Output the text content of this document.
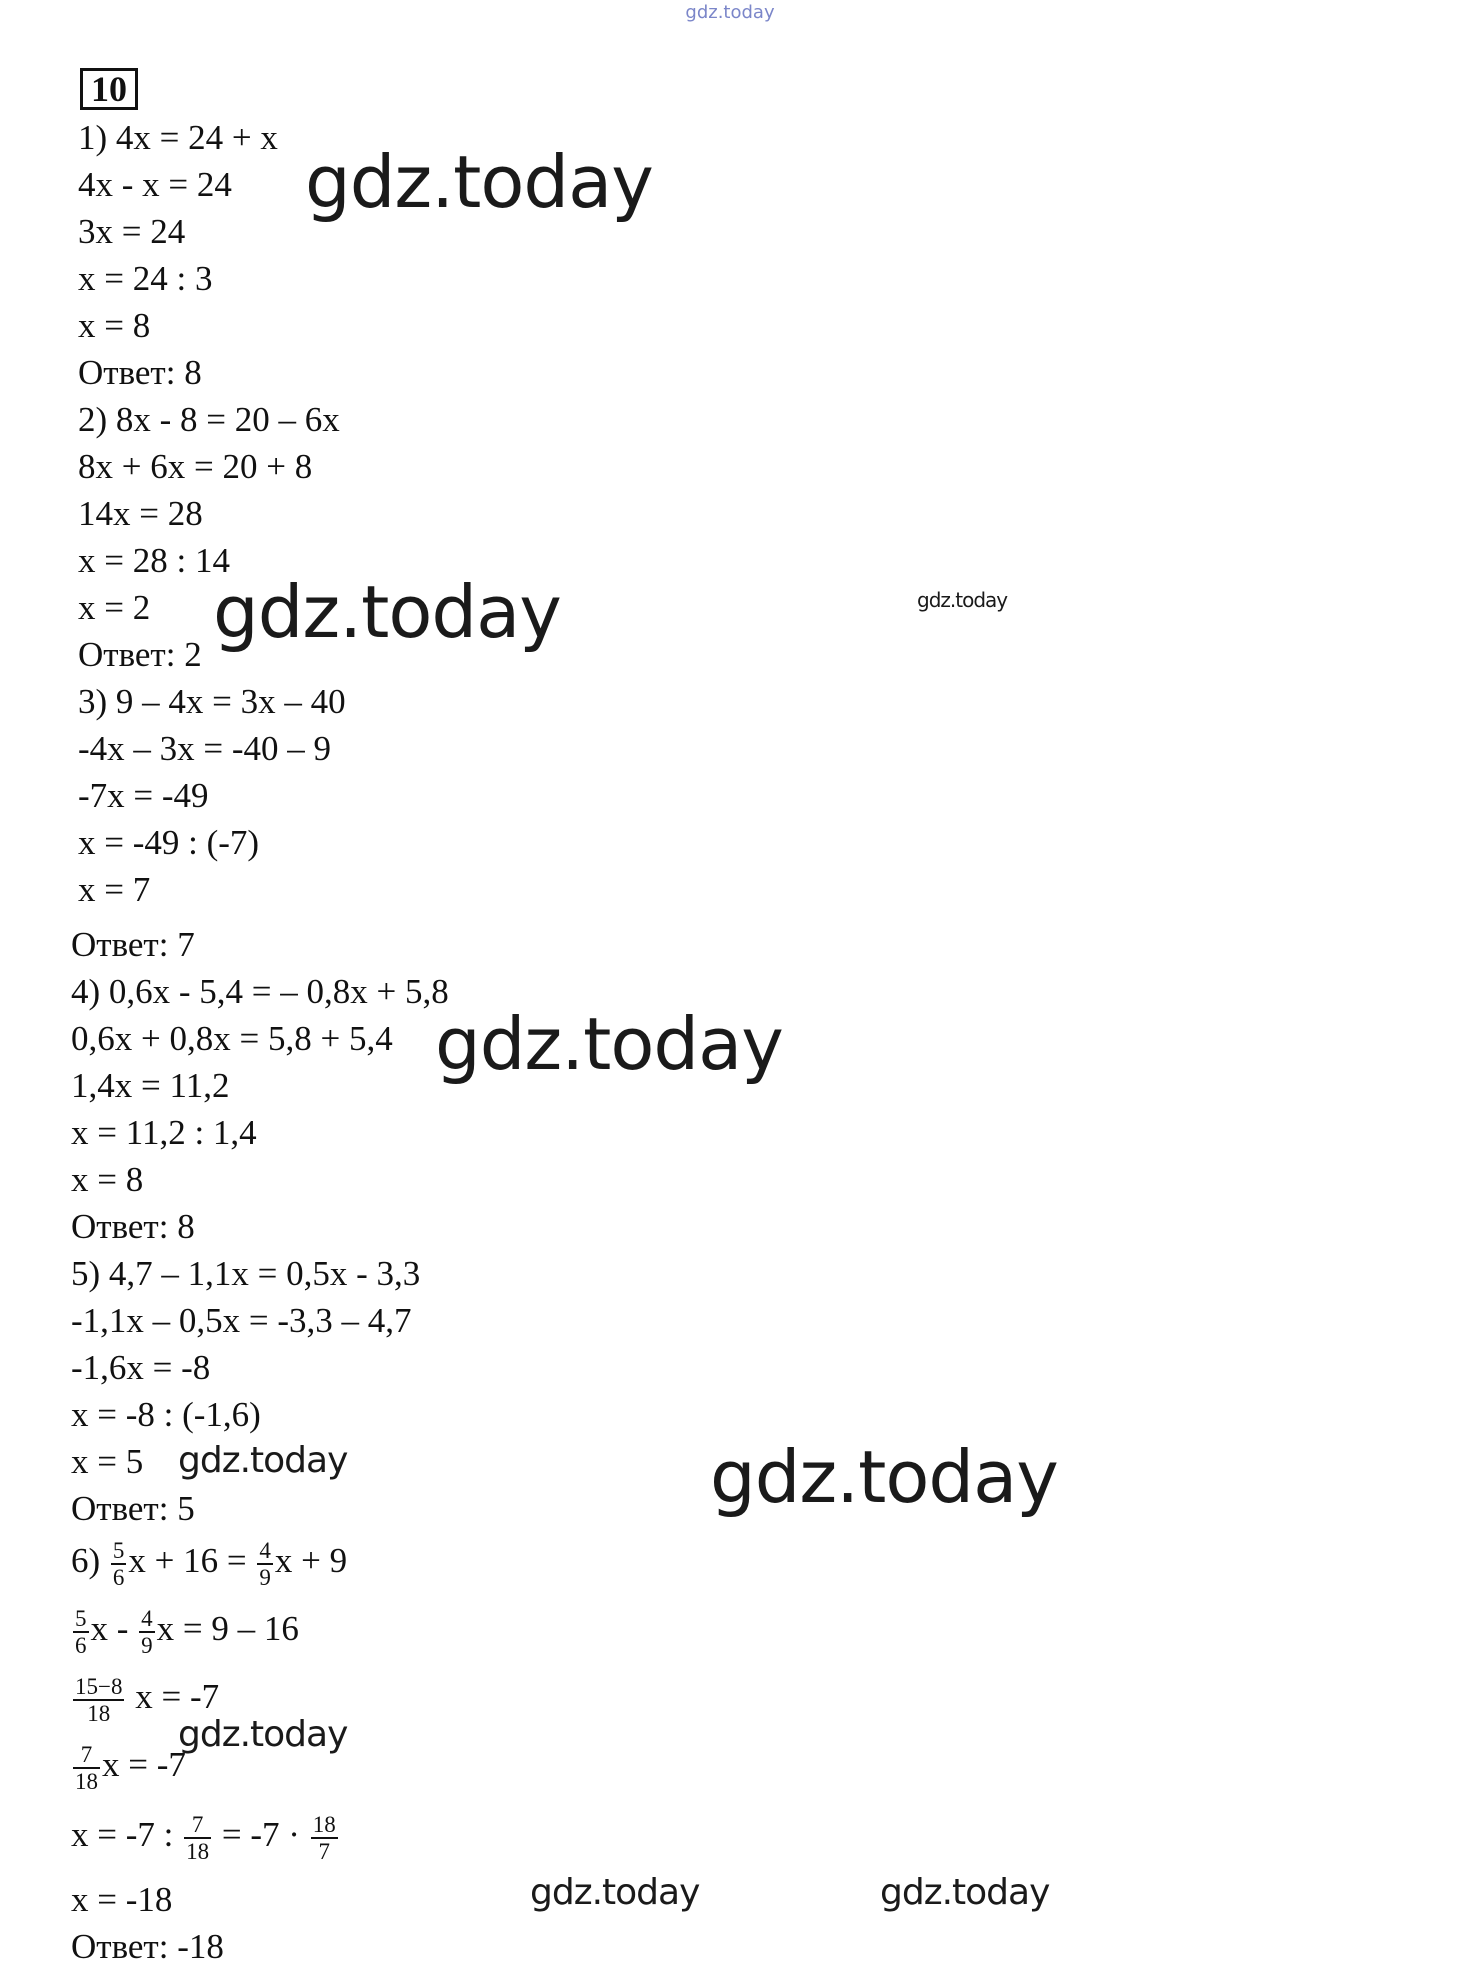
gdz.today
10
1) 4x = 24 + x
4x - x = 24
3x = 24
x = 24 : 3
x = 8
Ответ: 8
2) 8x - 8 = 20 – 6x
8x + 6x = 20 + 8
14x = 28
x = 28 : 14
x = 2
Ответ: 2
3) 9 – 4x = 3x – 40
-4x – 3x = -40 – 9
-7x = -49
x = -49 : (-7)
x = 7
Ответ: 7
4) 0,6x - 5,4 = – 0,8x + 5,8
0,6x + 0,8x = 5,8 + 5,4
1,4x = 11,2
x = 11,2 : 1,4
x = 8
Ответ: 8
5) 4,7 – 1,1x = 0,5x - 3,3
-1,1x – 0,5x = -3,3 – 4,7
-1,6x = -8
x = -8 : (-1,6)
x = 5
Ответ: 5
$6) \frac{5}{6}$ $x + 16 = \frac{4}{9}$ x + 9
$\frac{5}{6}$ x - $\frac{4}{9}$ x = 9 – 16
$\frac{15-8}{18}$ x = -7
$\frac{7}{18}$ x = -7
x = -7 : $\frac{7}{18} = -7 \cdot \frac{18}{7}$
x = -18
Ответ: -18
gdz.today
gdz.today	gdz.today
gdz.today
gdz.today	gdz.today
gdz.today
gdz.today	gdz.today
